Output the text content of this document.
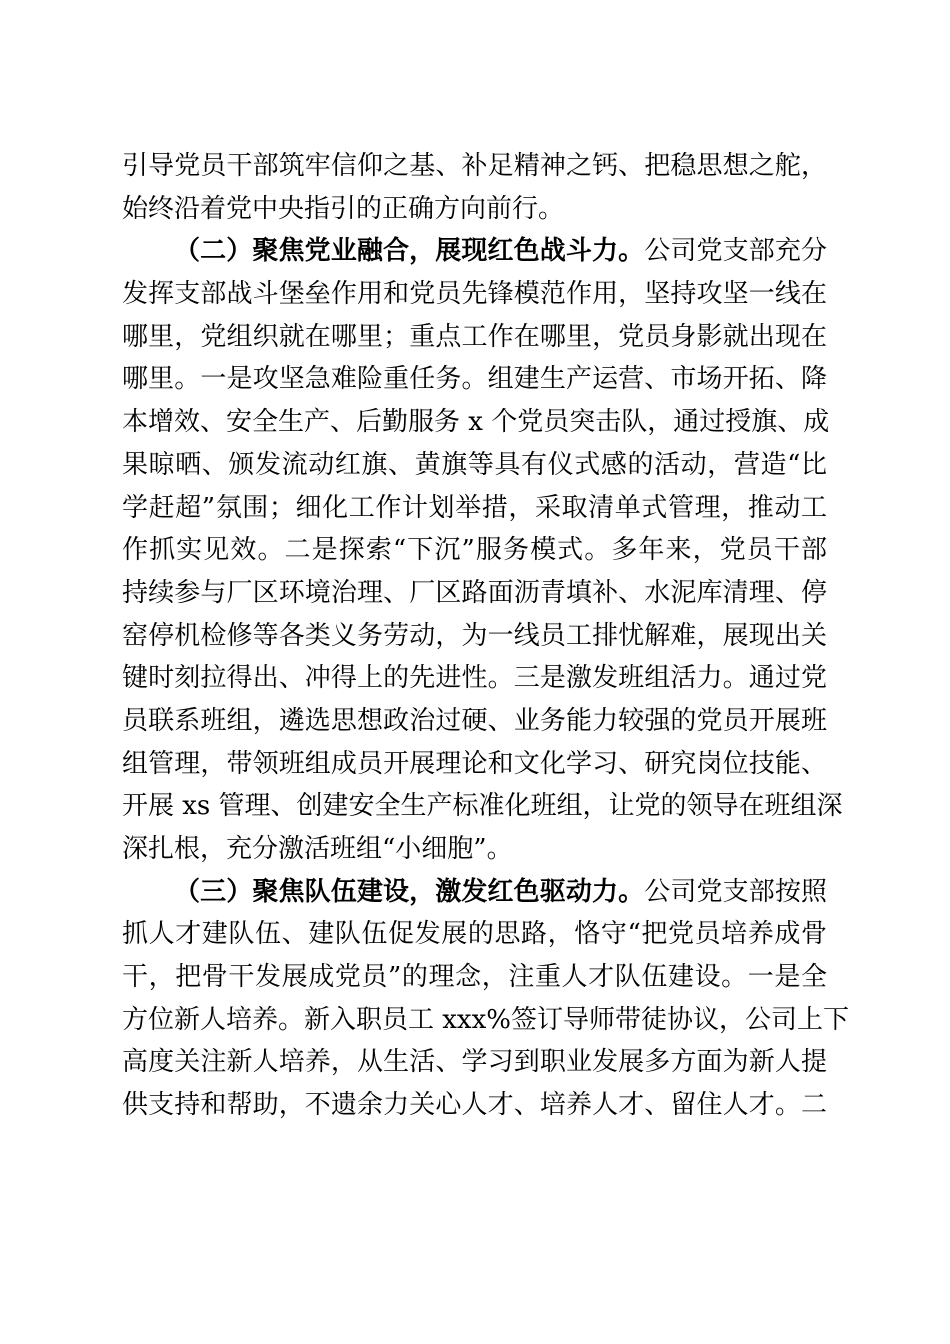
引导党员干部筑牢信仰之基、补足精神之钙、把稳思想之舵，
始终沿着党中央指引的正确方向前行。
（二）聚焦党业融合，展现红色战斗力。公司党支部充分
发挥支部战斗堡垒作用和党员先锋模范作用，坚持攻坚一线在
哪里，党组织就在哪里；重点工作在哪里，党员身影就出现在
哪里。一是攻坚急难险重任务。组建生产运营、市场开拓、降
本增效、安全生产、后勤服务 x 个党员突击队，通过授旗、成
果晾晒、颁发流动红旗、黄旗等具有仪式感的活动，营造“比
学赶超”氛围；细化工作计划举措，采取清单式管理，推动工
作抓实见效。二是探索“下沉”服务模式。多年来，党员干部
持续参与厂区环境治理、厂区路面沥青填补、水泥库清理、停
窑停机检修等各类义务劳动，为一线员工排忧解难，展现出关
键时刻拉得出、冲得上的先进性。三是激发班组活力。通过党
员联系班组，遴选思想政治过硬、业务能力较强的党员开展班
组管理，带领班组成员开展理论和文化学习、研究岗位技能、
开展 xs 管理、创建安全生产标准化班组，让党的领导在班组深
深扎根，充分激活班组“小细胞”。
（三）聚焦队伍建设，激发红色驱动力。公司党支部按照
抓人才建队伍、建队伍促发展的思路，恪守“把党员培养成骨
干，把骨干发展成党员”的理念，注重人才队伍建设。一是全
方位新人培养。新入职员工 xxx%签订导师带徒协议，公司上下
高度关注新人培养，从生活、学习到职业发展多方面为新人提
供支持和帮助，不遗余力关心人才、培养人才、留住人才。二
